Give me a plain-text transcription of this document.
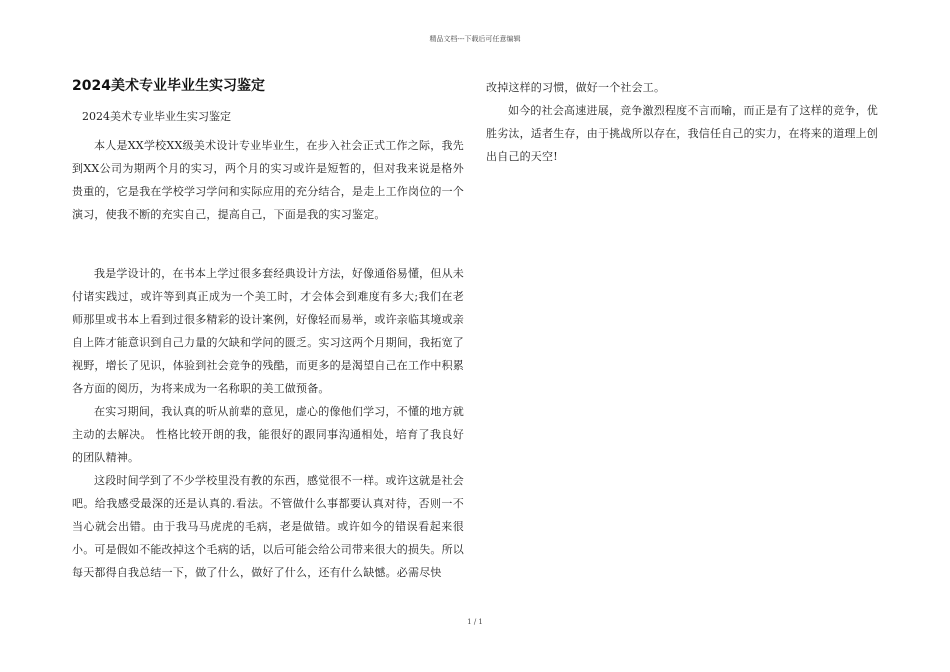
精品文档---下载后可任意编辑
2024美术专业毕业生实习鉴定
2024美术专业毕业生实习鉴定

本人是XX学校XX级美术设计专业毕业生，在步入社会正式工作之际，我先到XX公司为期两个月的实习，两个月的实习或许是短暂的，但对我来说是格外贵重的，它是我在学校学习学问和实际应用的充分结合，是走上工作岗位的一个演习，使我不断的充实自己，提高自己，下面是我的实习鉴定。

我是学设计的，在书本上学过很多套经典设计方法，好像通俗易懂，但从未付诸实践过，或许等到真正成为一个美工时，才会体会到难度有多大;我们在老师那里或书本上看到过很多精彩的设计案例，好像轻而易举，或许亲临其境或亲自上阵才能意识到自己力量的欠缺和学问的匮乏。实习这两个月期间，我拓宽了视野，增长了见识，体验到社会竞争的残酷，而更多的是渴望自己在工作中积累各方面的阅历，为将来成为一名称职的美工做预备。

在实习期间，我认真的听从前辈的意见，虚心的像他们学习，不懂的地方就主动的去解决。 性格比较开朗的我，能很好的跟同事沟通相处，培育了我良好的团队精神。

这段时间学到了不少学校里没有教的东西，感觉很不一样。或许这就是社会吧。给我感受最深的还是认真的.看法。不管做什么事都要认真对待，否则一不当心就会出错。由于我马马虎虎的毛病，老是做错。或许如今的错误看起来很小。可是假如不能改掉这个毛病的话，以后可能会给公司带来很大的损失。所以每天都得自我总结一下，做了什么，做好了什么，还有什么缺憾。必需尽快

改掉这样的习惯，做好一个社会工。

如今的社会高速进展，竞争激烈程度不言而喻，而正是有了这样的竞争，优胜劣汰，适者生存，由于挑战所以存在，我信任自己的实力，在将来的道理上创出自己的天空!

1 / 1
